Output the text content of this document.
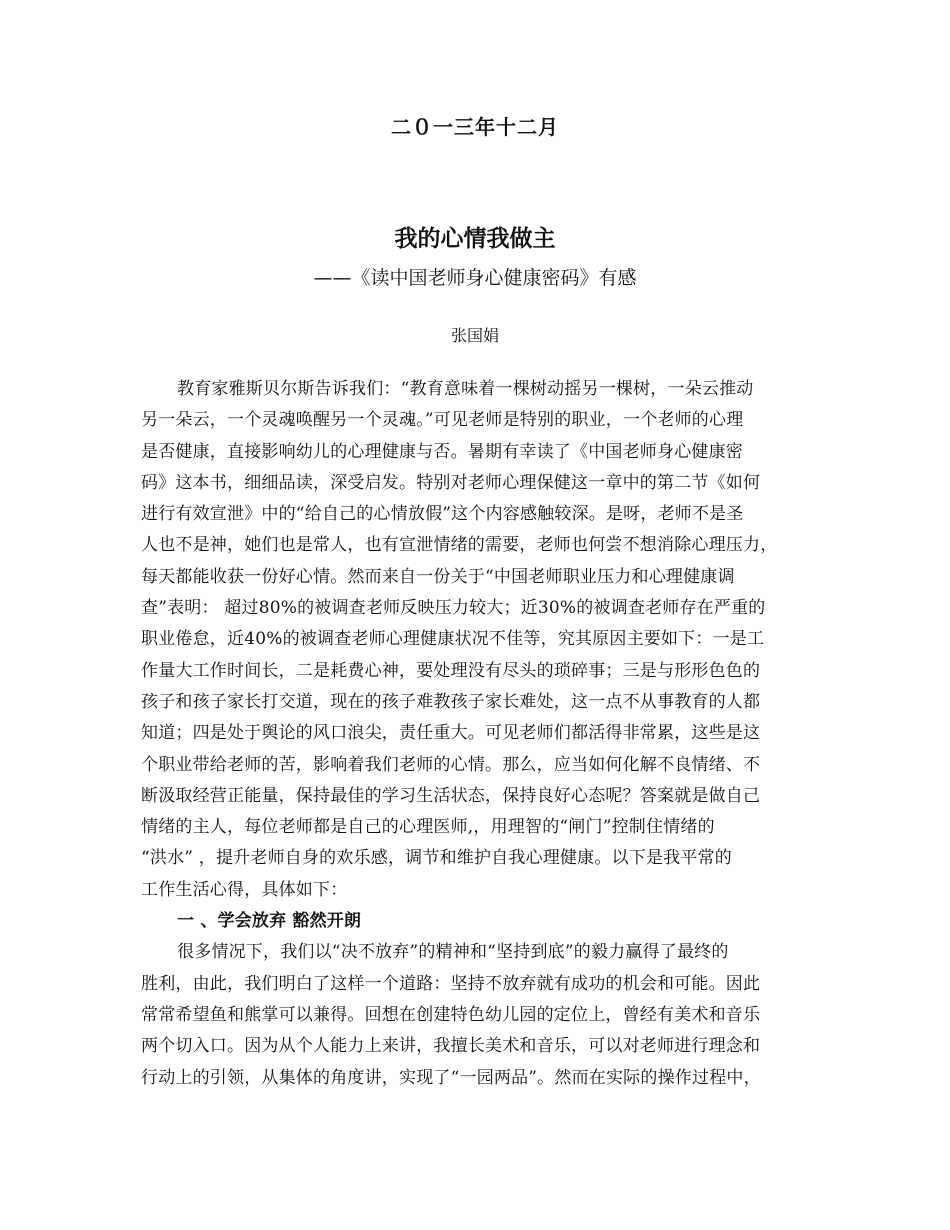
二０一三年十二月
我的心情我做主
——《读中国老师身心健康密码》有感
张国娟
教育家雅斯贝尔斯告诉我们：“教育意味着一棵树动摇另一棵树，一朵云推动
另一朵云，一个灵魂唤醒另一个灵魂。”可见老师是特别的职业，一个老师的心理
是否健康，直接影响幼儿的心理健康与否。暑期有幸读了《中国老师身心健康密
码》这本书，细细品读，深受启发。特别对老师心理保健这一章中的第二节《如何
进行有效宣泄》中的“给自己的心情放假”这个内容感触较深。是呀，老师不是圣
人也不是神，她们也是常人，也有宣泄情绪的需要，老师也何尝不想消除心理压力，
每天都能收获一份好心情。然而来自一份关于“中国老师职业压力和心理健康调
查”表明： 超过80%的被调查老师反映压力较大；近30%的被调查老师存在严重的
职业倦怠，近40%的被调查老师心理健康状况不佳等，究其原因主要如下：一是工
作量大工作时间长，二是耗费心神，要处理没有尽头的琐碎事；三是与形形色色的
孩子和孩子家长打交道，现在的孩子难教孩子家长难处，这一点不从事教育的人都
知道；四是处于舆论的风口浪尖，责任重大。可见老师们都活得非常累，这些是这
个职业带给老师的苦，影响着我们老师的心情。那么，应当如何化解不良情绪、不
断汲取经营正能量，保持最佳的学习生活状态，保持良好心态呢？答案就是做自己
情绪的主人，每位老师都是自己的心理医师,，用理智的“闸门”控制住情绪的
“洪水” ，提升老师自身的欢乐感，调节和维护自我心理健康。以下是我平常的
工作生活心得，具体如下：
一 、学会放弃 豁然开朗
很多情况下，我们以“决不放弃”的精神和“坚持到底”的毅力赢得了最终的
胜利，由此，我们明白了这样一个道路：坚持不放弃就有成功的机会和可能。因此
常常希望鱼和熊掌可以兼得。回想在创建特色幼儿园的定位上，曾经有美术和音乐
两个切入口。因为从个人能力上来讲，我擅长美术和音乐，可以对老师进行理念和
行动上的引领，从集体的角度讲，实现了“一园两品”。然而在实际的操作过程中，
